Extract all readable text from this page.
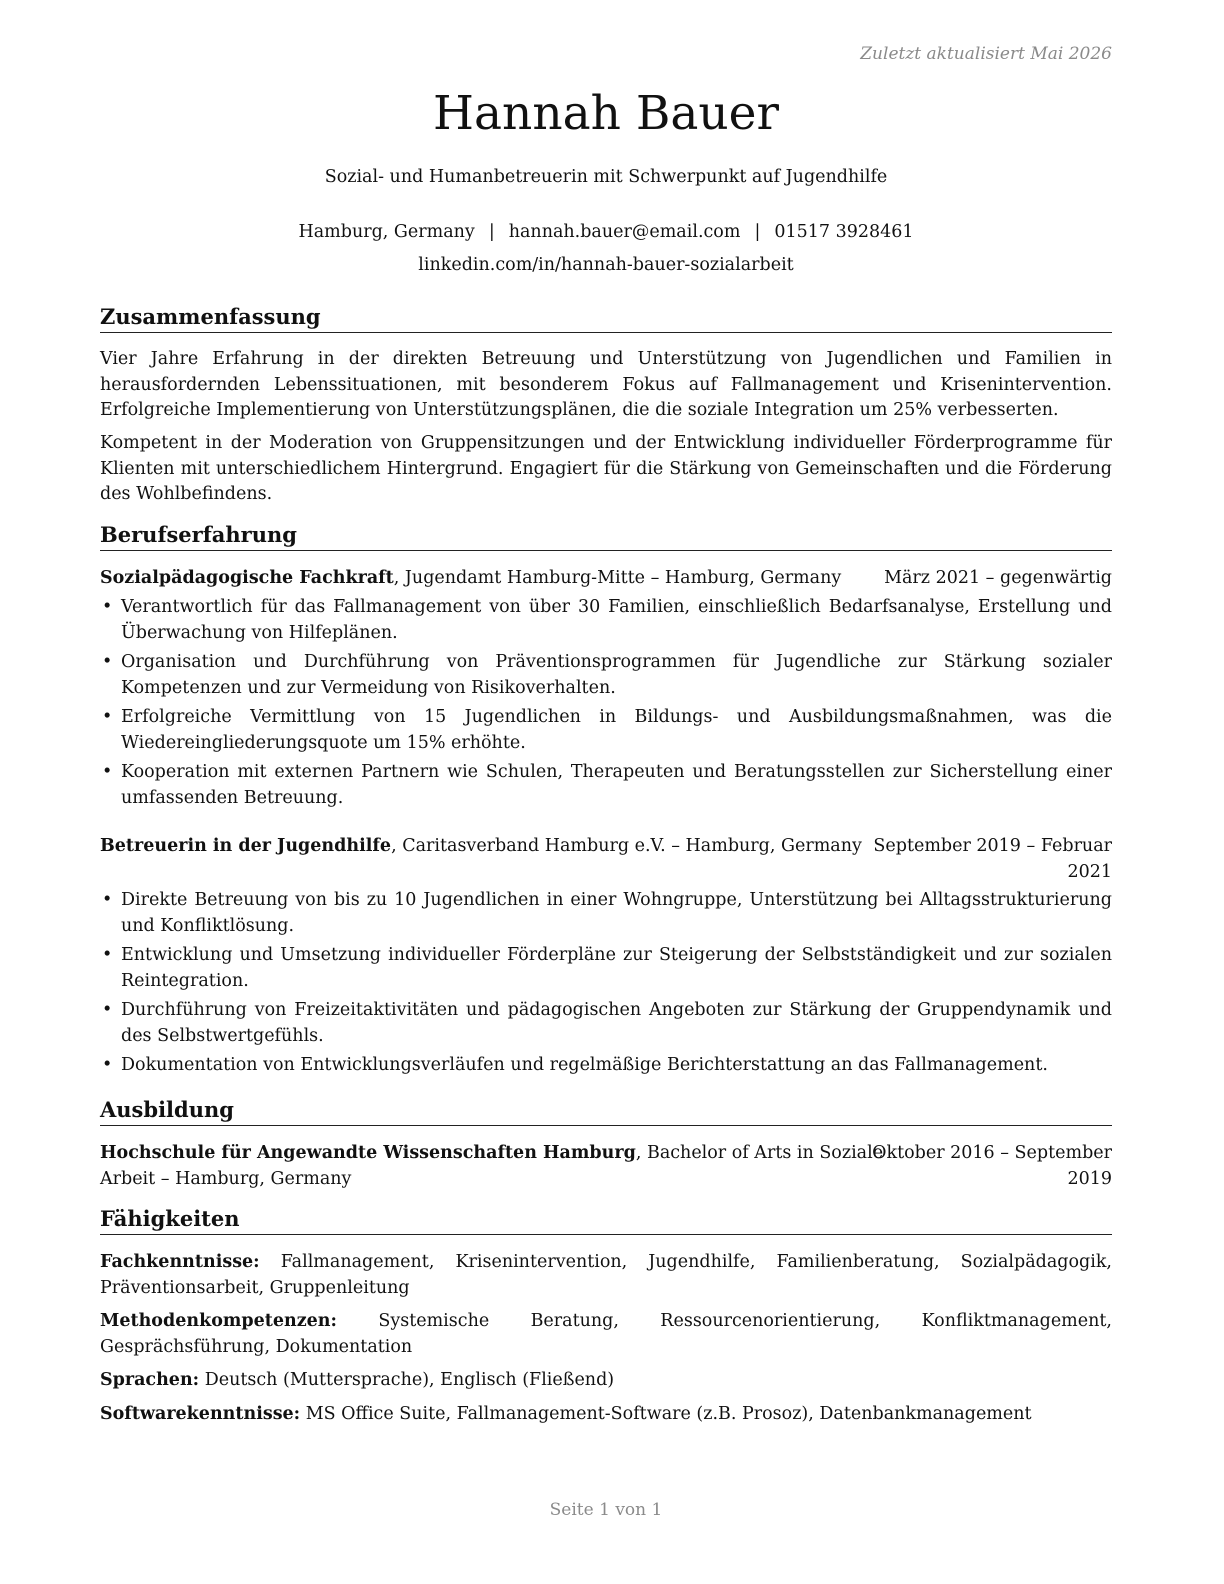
Zuletzt aktualisiert Mai 2026
Hannah Bauer
Sozial- und Humanbetreuerin mit Schwerpunkt auf Jugendhilfe
Hamburg, Germany | hannah.bauer@email.com | 01517 3928461
linkedin.com/in/hannah-bauer-sozialarbeit
Zusammenfassung
Vier Jahre Erfahrung in der direkten Betreuung und Unterstützung von Jugendlichen und Familien in herausfordernden Lebenssituationen, mit besonderem Fokus auf Fallmanagement und Krisenintervention. Erfolgreiche Implementierung von Unterstützungsplänen, die die soziale Integration um 25% verbesserten.
Kompetent in der Moderation von Gruppensitzungen und der Entwicklung individueller Förderprogramme für Klienten mit unterschiedlichem Hintergrund. Engagiert für die Stärkung von Gemeinschaften und die Förderung des Wohlbefindens.
Berufserfahrung
Sozialpädagogische Fachkraft, Jugendamt Hamburg-Mitte – Hamburg, Germany März 2021 – gegenwärtig
• Verantwortlich für das Fallmanagement von über 30 Familien, einschließlich Bedarfsanalyse, Erstellung und Überwachung von Hilfeplänen.
• Organisation und Durchführung von Präventionsprogrammen für Jugendliche zur Stärkung sozialer Kompetenzen und zur Vermeidung von Risikoverhalten.
• Erfolgreiche Vermittlung von 15 Jugendlichen in Bildungs- und Ausbildungsmaßnahmen, was die Wiedereingliederungsquote um 15% erhöhte.
• Kooperation mit externen Partnern wie Schulen, Therapeuten und Beratungsstellen zur Sicherstellung einer umfassenden Betreuung.
Betreuerin in der Jugendhilfe, Caritasverband Hamburg e.V. – Hamburg, Germany September 2019 – Februar
2021
• Direkte Betreuung von bis zu 10 Jugendlichen in einer Wohngruppe, Unterstützung bei Alltagsstrukturierung und Konfliktlösung.
• Entwicklung und Umsetzung individueller Förderpläne zur Steigerung der Selbstständigkeit und zur sozialen Reintegration.
• Durchführung von Freizeitaktivitäten und pädagogischen Angeboten zur Stärkung der Gruppendynamik und des Selbstwertgefühls.
• Dokumentation von Entwicklungsverläufen und regelmäßige Berichterstattung an das Fallmanagement.
Ausbildung
Hochschule für Angewandte Wissenschaften Hamburg, Bachelor of Arts in Soziale
Arbeit – Hamburg, Germany
Oktober 2016 – September
2019
Fähigkeiten
Fachkenntnisse: Fallmanagement, Krisenintervention, Jugendhilfe, Familienberatung, Sozialpädagogik, Präventionsarbeit, Gruppenleitung
Methodenkompetenzen: Systemische Beratung, Ressourcenorientierung, Konfliktmanagement, Gesprächsführung, Dokumentation
Sprachen: Deutsch (Muttersprache), Englisch (Fließend)
Softwarekenntnisse: MS Office Suite, Fallmanagement-Software (z.B. Prosoz), Datenbankmanagement
Seite 1 von 1
